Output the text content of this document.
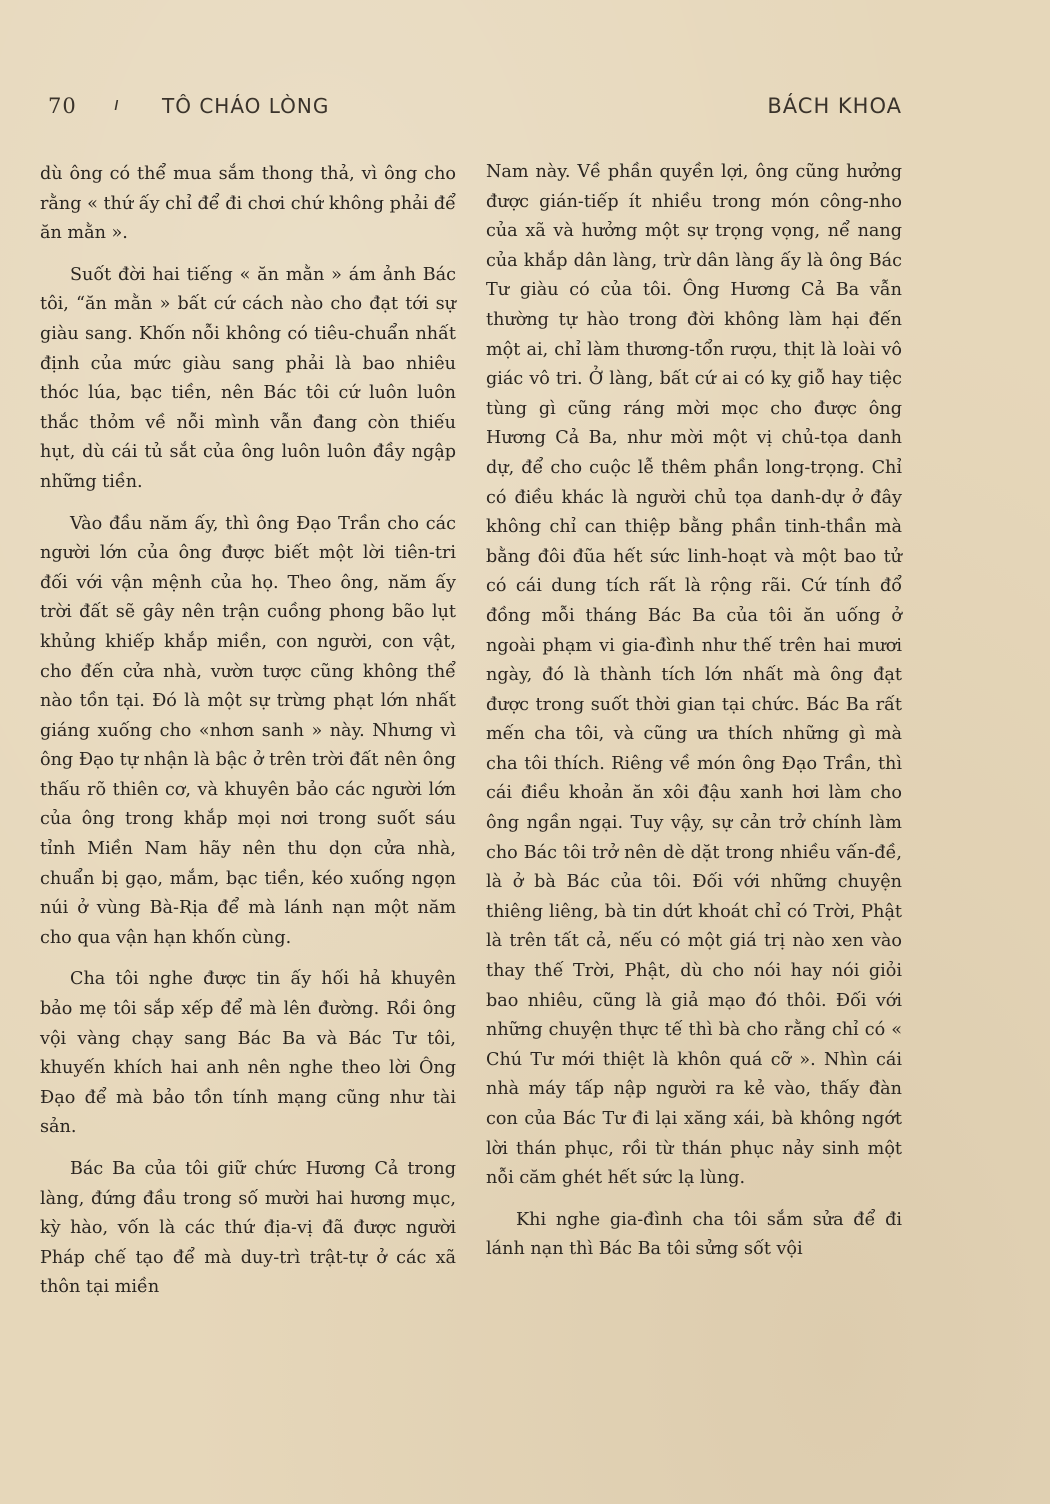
70 ı TÔ CHÁO LÒNG	BÁCH KHOA

dù ông có thể mua sắm thong thả, vì ông cho rằng « thứ ấy chỉ để đi chơi chứ không phải để ăn mằn ».

Suốt đời hai tiếng « ăn mằn » ám ảnh Bác tôi, “ăn mằn » bất cứ cách nào cho đạt tới sự giàu sang. Khốn nỗi không có tiêu-chuẩn nhất định của mức giàu sang phải là bao nhiêu thóc lúa, bạc tiền, nên Bác tôi cứ luôn luôn thắc thỏm về nỗi mình vẫn đang còn thiếu hụt, dù cái tủ sắt của ông luôn luôn đầy ngập những tiền.

Vào đầu năm ấy, thì ông Đạo Trần cho các người lớn của ông được biết một lời tiên-tri đối với vận mệnh của họ. Theo ông, năm ấy trời đất sẽ gây nên trận cuồng phong bão lụt khủng khiếp khắp miền, con người, con vật, cho đến cửa nhà, vườn tược cũng không thể nào tồn tại. Đó là một sự trừng phạt lớn nhất giáng xuống cho «nhơn sanh » này. Nhưng vì ông Đạo tự nhận là bậc ở trên trời đất nên ông thấu rõ thiên cơ, và khuyên bảo các người lớn của ông trong khắp mọi nơi trong suốt sáu tỉnh Miền Nam hãy nên thu dọn cửa nhà, chuẩn bị gạo, mắm, bạc tiền, kéo xuống ngọn núi ở vùng Bà-Rịa để mà lánh nạn một năm cho qua vận hạn khốn cùng.

Cha tôi nghe được tin ấy hối hả khuyên bảo mẹ tôi sắp xếp để mà lên đường. Rồi ông vội vàng chạy sang Bác Ba và Bác Tư tôi, khuyến khích hai anh nên nghe theo lời Ông Đạo để mà bảo tồn tính mạng cũng như tài sản.

Bác Ba của tôi giữ chức Hương Cả trong làng, đứng đầu trong số mười hai hương mục, kỳ hào, vốn là các thứ địa-vị đã được người Pháp chế tạo để mà duy-trì trật-tự ở các xã thôn tại miền

Nam này. Về phần quyền lợi, ông cũng hưởng được gián-tiếp ít nhiều trong món công-nho của xã và hưởng một sự trọng vọng, nể nang của khắp dân làng, trừ dân làng ấy là ông Bác Tư giàu có của tôi. Ông Hương Cả Ba vẫn thường tự hào trong đời không làm hại đến một ai, chỉ làm thương-tổn rượu, thịt là loài vô giác vô tri. Ở làng, bất cứ ai có kỵ giỗ hay tiệc tùng gì cũng ráng mời mọc cho được ông Hương Cả Ba, như mời một vị chủ-tọa danh dự, để cho cuộc lễ thêm phần long-trọng. Chỉ có điều khác là người chủ tọa danh-dự ở đây không chỉ can thiệp bằng phần tinh-thần mà bằng đôi đũa hết sức linh-hoạt và một bao tử có cái dung tích rất là rộng rãi. Cứ tính đổ đồng mỗi tháng Bác Ba của tôi ăn uống ở ngoài phạm vi gia-đình như thế trên hai mươi ngày, đó là thành tích lớn nhất mà ông đạt được trong suốt thời gian tại chức. Bác Ba rất mến cha tôi, và cũng ưa thích những gì mà cha tôi thích. Riêng về món ông Đạo Trần, thì cái điều khoản ăn xôi đậu xanh hơi làm cho ông ngần ngại. Tuy vậy, sự cản trở chính làm cho Bác tôi trở nên dè dặt trong nhiều vấn-đề, là ở bà Bác của tôi. Đối với những chuyện thiêng liêng, bà tin dứt khoát chỉ có Trời, Phật là trên tất cả, nếu có một giá trị nào xen vào thay thế Trời, Phật, dù cho nói hay nói giỏi bao nhiêu, cũng là giả mạo đó thôi. Đối với những chuyện thực tế thì bà cho rằng chỉ có « Chú Tư mới thiệt là khôn quá cỡ ». Nhìn cái nhà máy tấp nập người ra kẻ vào, thấy đàn con của Bác Tư đi lại xăng xái, bà không ngớt lời thán phục, rồi từ thán phục nảy sinh một nỗi căm ghét hết sức lạ lùng.

Khi nghe gia-đình cha tôi sắm sửa để đi lánh nạn thì Bác Ba tôi sửng sốt vội
